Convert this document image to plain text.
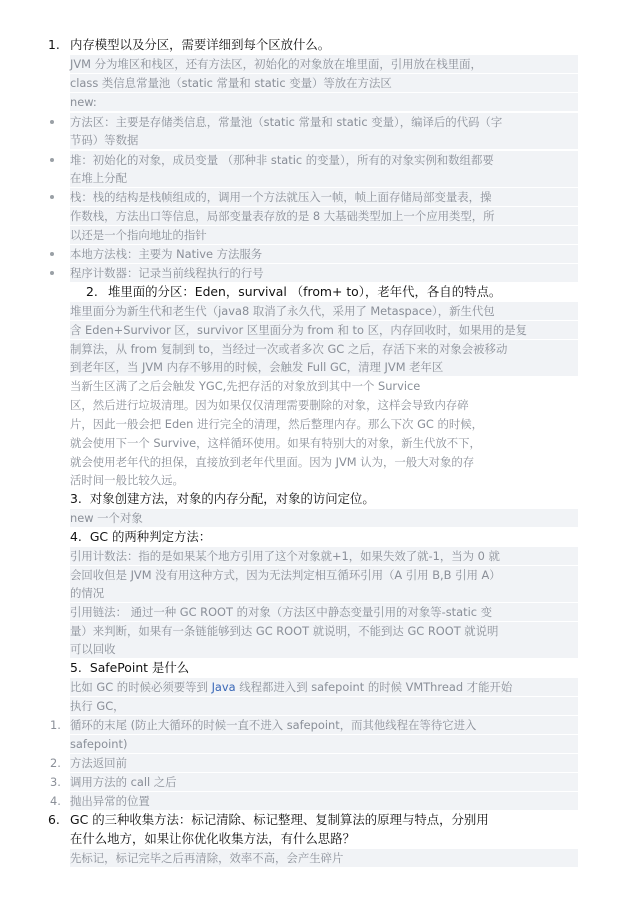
1. 内存模型以及分区，需要详细到每个区放什么。
JVM 分为堆区和栈区，还有方法区，初始化的对象放在堆里面，引用放在栈里面，
class 类信息常量池（static 常量和 static 变量）等放在方法区
new:
方法区：主要是存储类信息，常量池（static 常量和 static 变量），编译后的代码（字
节码）等数据
堆：初始化的对象，成员变量 （那种非 static 的变量），所有的对象实例和数组都要
在堆上分配
栈：栈的结构是栈帧组成的，调用一个方法就压入一帧，帧上面存储局部变量表，操
作数栈，方法出口等信息，局部变量表存放的是 8 大基础类型加上一个应用类型，所
以还是一个指向地址的指针
本地方法栈：主要为 Native 方法服务
程序计数器：记录当前线程执行的行号
2. 堆里面的分区：Eden，survival （from+ to），老年代，各自的特点。
堆里面分为新生代和老生代（java8 取消了永久代，采用了 Metaspace），新生代包
含 Eden+Survivor 区，survivor 区里面分为 from 和 to 区，内存回收时，如果用的是复
制算法，从 from 复制到 to，当经过一次或者多次 GC 之后，存活下来的对象会被移动
到老年区，当 JVM 内存不够用的时候，会触发 Full GC，清理 JVM 老年区
当新生区满了之后会触发 YGC,先把存活的对象放到其中一个 Survice
区，然后进行垃圾清理。因为如果仅仅清理需要删除的对象，这样会导致内存碎
片，因此一般会把 Eden 进行完全的清理，然后整理内存。那么下次 GC 的时候，
就会使用下一个 Survive，这样循环使用。如果有特别大的对象，新生代放不下，
就会使用老年代的担保，直接放到老年代里面。因为 JVM 认为，一般大对象的存
活时间一般比较久远。
3. 对象创建方法，对象的内存分配，对象的访问定位。
new 一个对象
4. GC 的两种判定方法：
引用计数法：指的是如果某个地方引用了这个对象就+1，如果失效了就-1，当为 0 就
会回收但是 JVM 没有用这种方式，因为无法判定相互循环引用（A 引用 B,B 引用 A）
的情况
引用链法： 通过一种 GC ROOT 的对象（方法区中静态变量引用的对象等-static 变
量）来判断，如果有一条链能够到达 GC ROOT 就说明，不能到达 GC ROOT 就说明
可以回收
5. SafePoint 是什么
比如 GC 的时候必须要等到 Java 线程都进入到 safepoint 的时候 VMThread 才能开始
执行 GC，
1. 循环的末尾 (防止大循环的时候一直不进入 safepoint，而其他线程在等待它进入
safepoint)
2. 方法返回前
3. 调用方法的 call 之后
4. 抛出异常的位置
6. GC 的三种收集方法：标记清除、标记整理、复制算法的原理与特点，分别用
在什么地方，如果让你优化收集方法，有什么思路？
先标记，标记完毕之后再清除，效率不高，会产生碎片
